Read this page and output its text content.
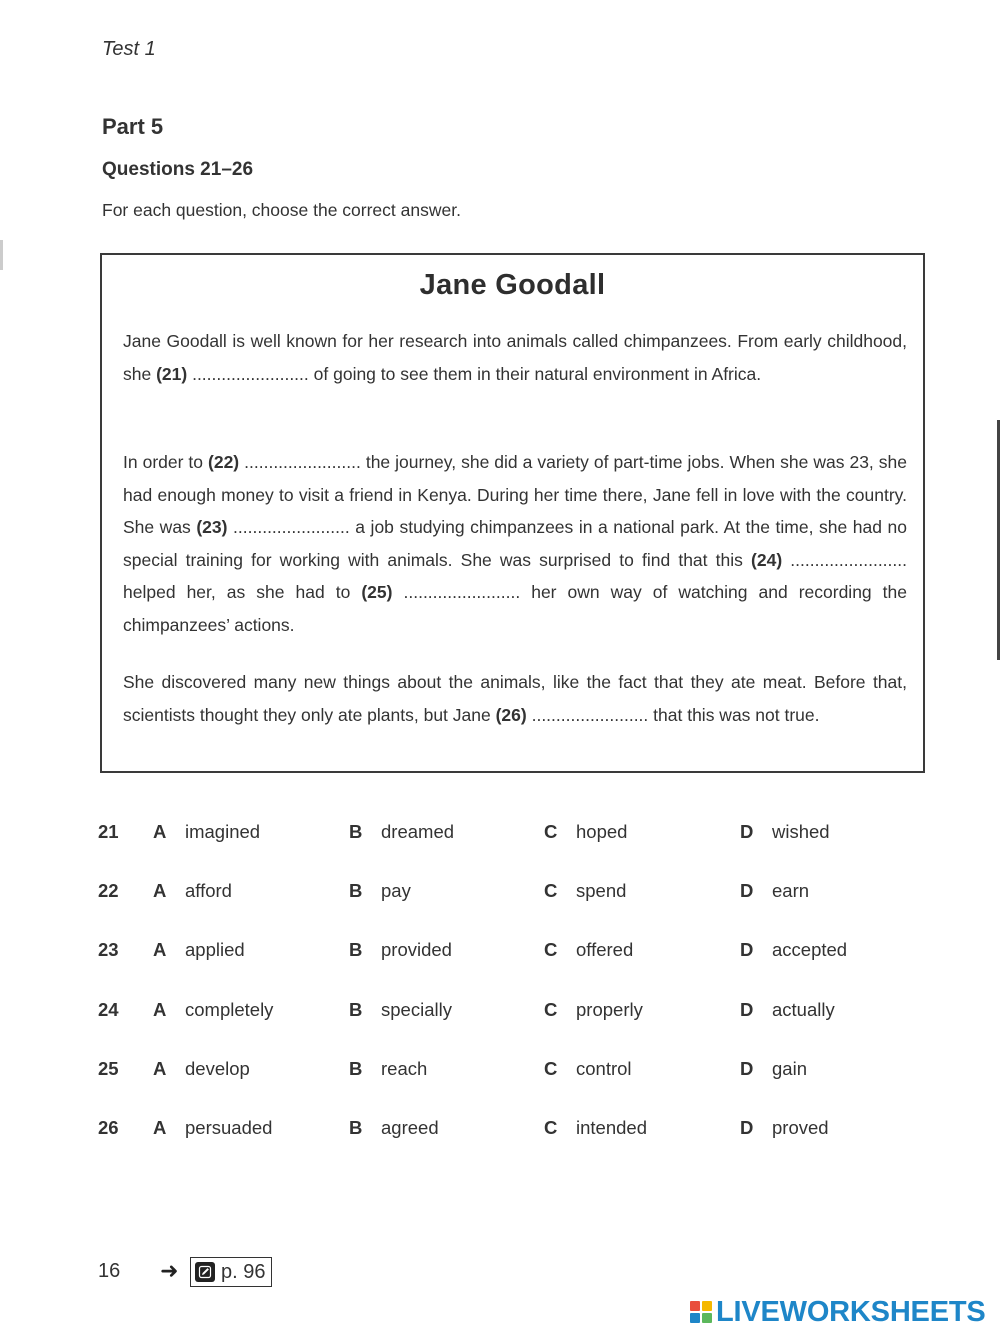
Test 1
Part 5
Questions 21–26
For each question, choose the correct answer.
Jane Goodall
Jane Goodall is well known for her research into animals called chimpanzees. From early childhood, she (21) ........................ of going to see them in their natural environment in Africa.
In order to (22) ........................ the journey, she did a variety of part-time jobs. When she was 23, she had enough money to visit a friend in Kenya. During her time there, Jane fell in love with the country. She was (23) ........................ a job studying chimpanzees in a national park. At the time, she had no special training for working with animals. She was surprised to find that this (24) ........................ helped her, as she had to (25) ........................ her own way of watching and recording the chimpanzees’ actions.
She discovered many new things about the animals, like the fact that they ate meat. Before that, scientists thought they only ate plants, but Jane (26) ........................ that this was not true.
21 A imagined	B dreamed	C hoped	D wished
22 A afford	B pay	C spend	D earn
23 A applied	B provided	C offered	D accepted
24 A completely	B specially	C properly	D actually
25 A develop	B reach	C control	D gain
26 A persuaded	B agreed	C intended	D proved
16 ➜ p. 96
LIVEWORKSHEETS
